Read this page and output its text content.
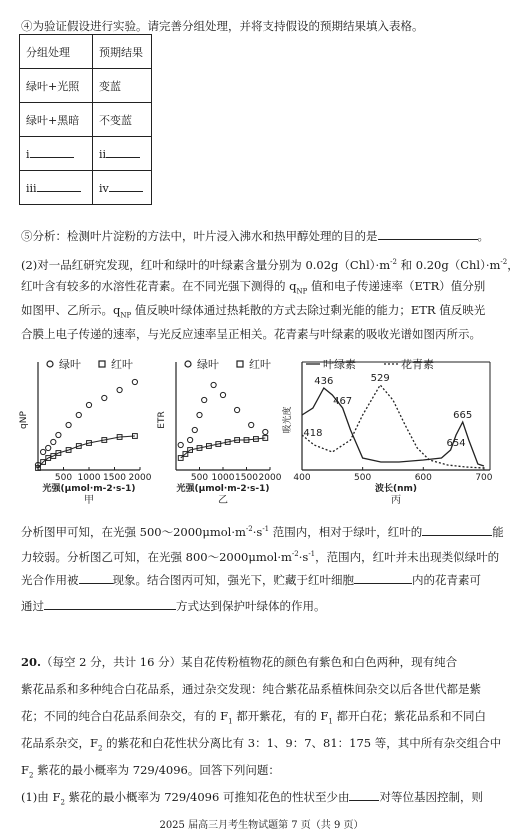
④为验证假设进行实验。请完善分组处理，并将支持假设的预期结果填入表格。
分组处理	预期结果
绿叶+光照	变蓝
绿叶+黑暗	不变蓝
ⅰ	ⅱ
ⅲ	ⅳ
⑤分析：检测叶片淀粉的方法中，叶片浸入沸水和热甲醇处理的目的是	。
(2)对一品红研究发现，红叶和绿叶的叶绿素含量分别为 $0.02g(Chl)\cdot m^{-2}$ 和 $0.20g(Chl)\cdot m^{-2}$，
红叶含有较多的水溶性花青素。在不同光强下测得的 $q_{NP}$ 值和电子传递速率（ETR）值分别
如图甲、乙所示。$q_{NP}$ 值反映叶绿体通过热耗散的方式去除过剩光能的能力；ETR 值反映光
合膜上电子传递的速率，与光反应速率呈正相关。花青素与叶绿素的吸收光谱如图丙所示。
500 1000 1500 2000
光强(μmol·m-2·s-1)
甲
qNP
绿叶	红叶
500 1000 1500 2000
光强(μmol·m-2·s-1)
乙
ETR
绿叶	红叶
400	500	600	700
波长(nm)
丙
吸光度
叶绿素	花青素
436
467
418
529
665
654
分析图甲可知，在光强 $500\sim 2000\mu mol\cdot m^{-2}\cdot s^{-1}$ 范围内，相对于绿叶，红叶的	能
力较弱。分析图乙可知，在光强 $800\sim 2000\mu mol\cdot m^{-2}\cdot s^{-1}$，范围内，红叶并未出现类似绿叶的
光合作用被	现象。结合图丙可知，强光下，贮藏于红叶细胞	内的花青素可
通过	方式达到保护叶绿体的作用。
20.（每空 2 分，共计 16 分）某自花传粉植物花的颜色有紫色和白色两种，现有纯合
紫花品系和多种纯合白花品系，通过杂交发现：纯合紫花品系植株间杂交以后各世代都是紫
花；不同的纯合白花品系间杂交，有的 $F_1$ 都开紫花，有的 $F_1$ 都开白花；紫花品系和不同白
花品系杂交，$F_2$ 的紫花和白花性状分离比有 3：1、9：7、81：175 等，其中所有杂交组合中
$F_2$ 紫花的最小概率为 729/4096。回答下列问题：
(1)由 $F_2$ 紫花的最小概率为 729/4096 可推知花色的性状至少由	对等位基因控制，则
2025 届高三月考生物试题第 7 页（共 9 页）
